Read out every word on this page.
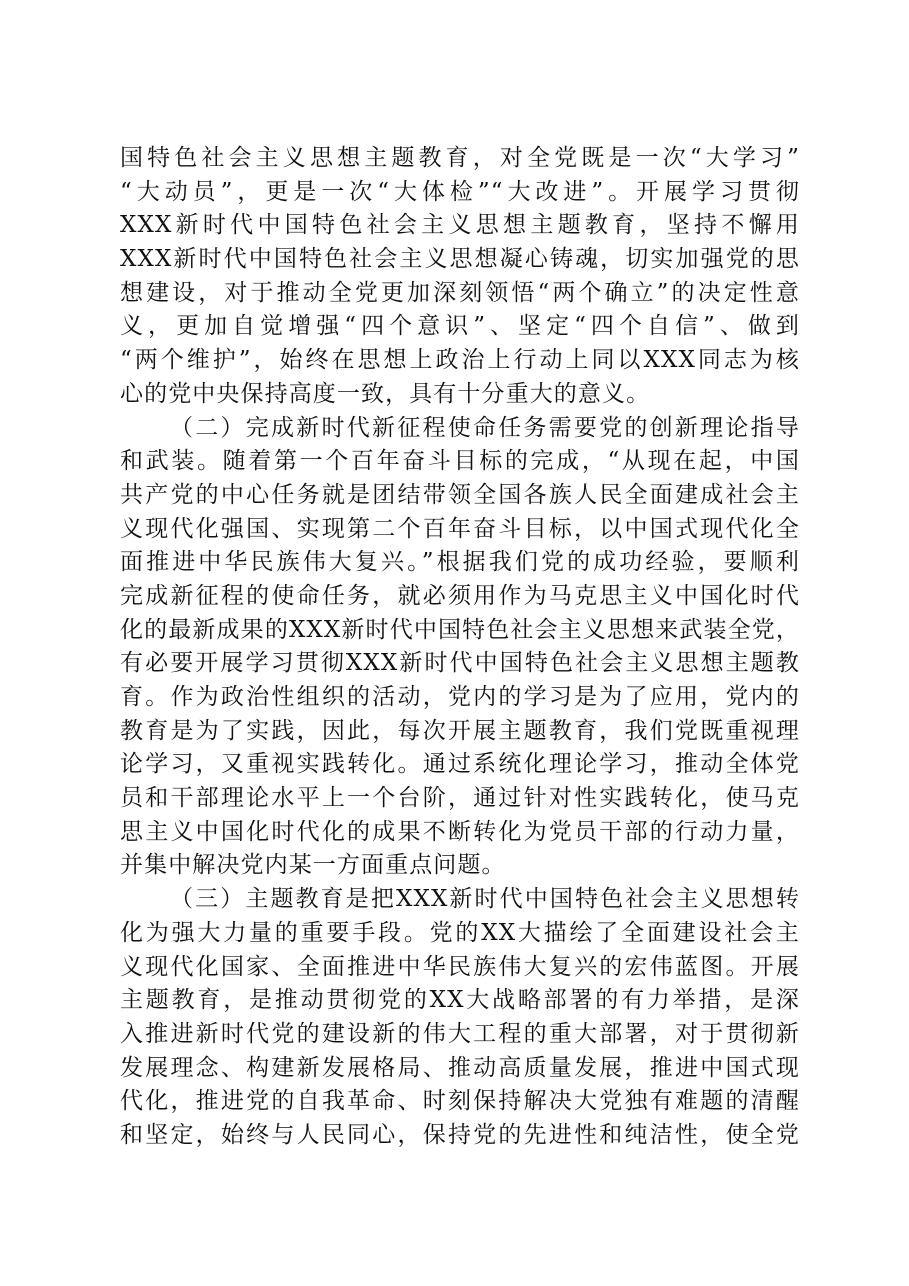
国特色社会主义思想主题教育，对全党既是一次“大学习”
“大动员”，更是一次“大体检”“大改进”。开展学习贯彻
XXX新时代中国特色社会主义思想主题教育，坚持不懈用
XXX新时代中国特色社会主义思想凝心铸魂，切实加强党的思
想建设，对于推动全党更加深刻领悟“两个确立”的决定性意
义，更加自觉增强“四个意识”、坚定“四个自信”、做到
“两个维护”，始终在思想上政治上行动上同以XXX同志为核
心的党中央保持高度一致，具有十分重大的意义。
（二）完成新时代新征程使命任务需要党的创新理论指导
和武装。随着第一个百年奋斗目标的完成，“从现在起，中国
共产党的中心任务就是团结带领全国各族人民全面建成社会主
义现代化强国、实现第二个百年奋斗目标，以中国式现代化全
面推进中华民族伟大复兴。”根据我们党的成功经验，要顺利
完成新征程的使命任务，就必须用作为马克思主义中国化时代
化的最新成果的XXX新时代中国特色社会主义思想来武装全党，
有必要开展学习贯彻XXX新时代中国特色社会主义思想主题教
育。作为政治性组织的活动，党内的学习是为了应用，党内的
教育是为了实践，因此，每次开展主题教育，我们党既重视理
论学习，又重视实践转化。通过系统化理论学习，推动全体党
员和干部理论水平上一个台阶，通过针对性实践转化，使马克
思主义中国化时代化的成果不断转化为党员干部的行动力量，
并集中解决党内某一方面重点问题。
（三）主题教育是把XXX新时代中国特色社会主义思想转
化为强大力量的重要手段。党的XX大描绘了全面建设社会主
义现代化国家、全面推进中华民族伟大复兴的宏伟蓝图。开展
主题教育，是推动贯彻党的XX大战略部署的有力举措，是深
入推进新时代党的建设新的伟大工程的重大部署，对于贯彻新
发展理念、构建新发展格局、推动高质量发展，推进中国式现
代化，推进党的自我革命、时刻保持解决大党独有难题的清醒
和坚定，始终与人民同心，保持党的先进性和纯洁性，使全党
